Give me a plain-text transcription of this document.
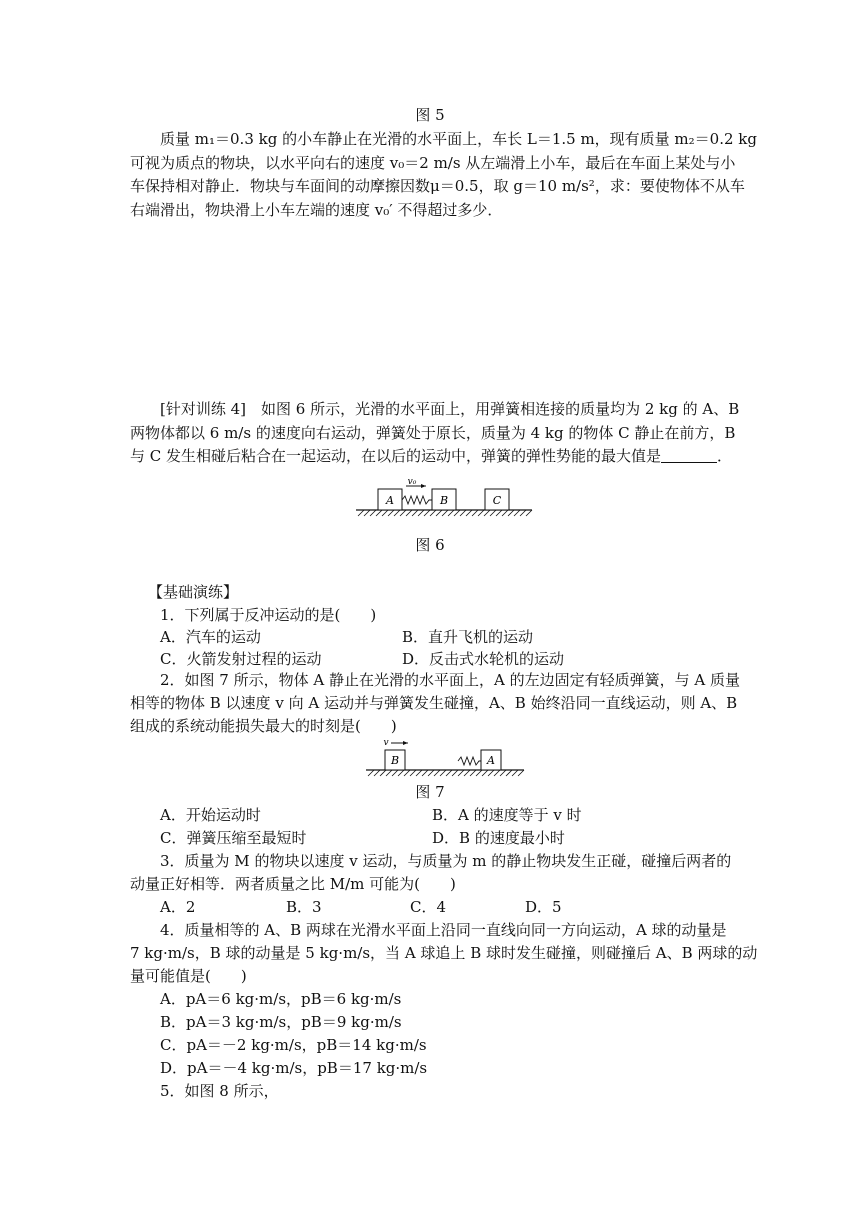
图 5
质量 m₁＝0.3 kg 的小车静止在光滑的水平面上，车长 L＝1.5 m，现有质量 m₂＝0.2 kg
可视为质点的物块，以水平向右的速度 v₀＝2 m/s 从左端滑上小车，最后在车面上某处与小
车保持相对静止．物块与车面间的动摩擦因数μ＝0.5，取 g＝10 m/s²，求：要使物体不从车
右端滑出，物块滑上小车左端的速度 v₀′ 不得超过多少．
[针对训练 4]　如图 6 所示，光滑的水平面上，用弹簧相连接的质量均为 2 kg 的 A、B
两物体都以 6 m/s 的速度向右运动，弹簧处于原长，质量为 4 kg 的物体 C 静止在前方，B
与 C 发生相碰后粘合在一起运动，在以后的运动中，弹簧的弹性势能的最大值是	．
A	B	C
v₀
图 6
【基础演练】
1．下列属于反冲运动的是(　　)
A．汽车的运动	B．直升飞机的运动
C．火箭发射过程的运动	D．反击式水轮机的运动
2．如图 7 所示，物体 A 静止在光滑的水平面上，A 的左边固定有轻质弹簧，与 A 质量
相等的物体 B 以速度 v 向 A 运动并与弹簧发生碰撞，A、B 始终沿同一直线运动，则 A、B
组成的系统动能损失最大的时刻是(　　)
B
v
A
图 7
A．开始运动时	B．A 的速度等于 v 时
C．弹簧压缩至最短时	D．B 的速度最小时
3．质量为 M 的物块以速度 v 运动，与质量为 m 的静止物块发生正碰，碰撞后两者的
动量正好相等．两者质量之比 M/m 可能为(　　)
A．2	B．3	C．4	D．5
4．质量相等的 A、B 两球在光滑水平面上沿同一直线向同一方向运动，A 球的动量是
7 kg·m/s，B 球的动量是 5 kg·m/s，当 A 球追上 B 球时发生碰撞，则碰撞后 A、B 两球的动
量可能值是(　　)
A．pA＝6 kg·m/s，pB＝6 kg·m/s
B．pA＝3 kg·m/s，pB＝9 kg·m/s
C．pA＝－2 kg·m/s，pB＝14 kg·m/s
D．pA＝－4 kg·m/s，pB＝17 kg·m/s
5．如图 8 所示，
